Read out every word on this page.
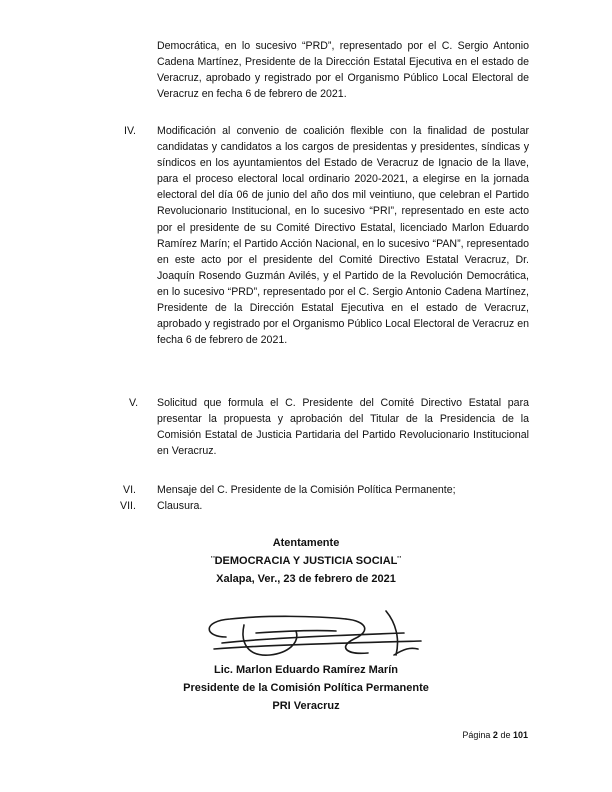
Democrática, en lo sucesivo “PRD”, representado por el C. Sergio Antonio Cadena Martínez, Presidente de la Dirección Estatal Ejecutiva en el estado de Veracruz, aprobado y registrado por el Organismo Público Local Electoral de Veracruz en fecha 6 de febrero de 2021.
IV. Modificación al convenio de coalición flexible con la finalidad de postular candidatas y candidatos a los cargos de presidentas y presidentes, síndicas y síndicos en los ayuntamientos del Estado de Veracruz de Ignacio de la llave, para el proceso electoral local ordinario 2020-2021, a elegirse en la jornada electoral del día 06 de junio del año dos mil veintiuno, que celebran el Partido Revolucionario Institucional, en lo sucesivo “PRI”, representado en este acto por el presidente de su Comité Directivo Estatal, licenciado Marlon Eduardo Ramírez Marín; el Partido Acción Nacional, en lo sucesivo “PAN”, representado en este acto por el presidente del Comité Directivo Estatal Veracruz, Dr. Joaquín Rosendo Guzmán Avilés, y el Partido de la Revolución Democrática, en lo sucesivo “PRD”, representado por el C. Sergio Antonio Cadena Martínez, Presidente de la Dirección Estatal Ejecutiva en el estado de Veracruz, aprobado y registrado por el Organismo Público Local Electoral de Veracruz en fecha 6 de febrero de 2021.
V. Solicitud que formula el C. Presidente del Comité Directivo Estatal para presentar la propuesta y aprobación del Titular de la Presidencia de la Comisión Estatal de Justicia Partidaria del Partido Revolucionario Institucional en Veracruz.
VI. Mensaje del C. Presidente de la Comisión Política Permanente;
VII. Clausura.
Atentamente
¨DEMOCRACIA Y JUSTICIA SOCIAL¨
Xalapa, Ver., 23 de febrero de 2021
Lic. Marlon Eduardo Ramírez Marín
Presidente de la Comisión Política Permanente
PRI Veracruz
Página 2 de 101
